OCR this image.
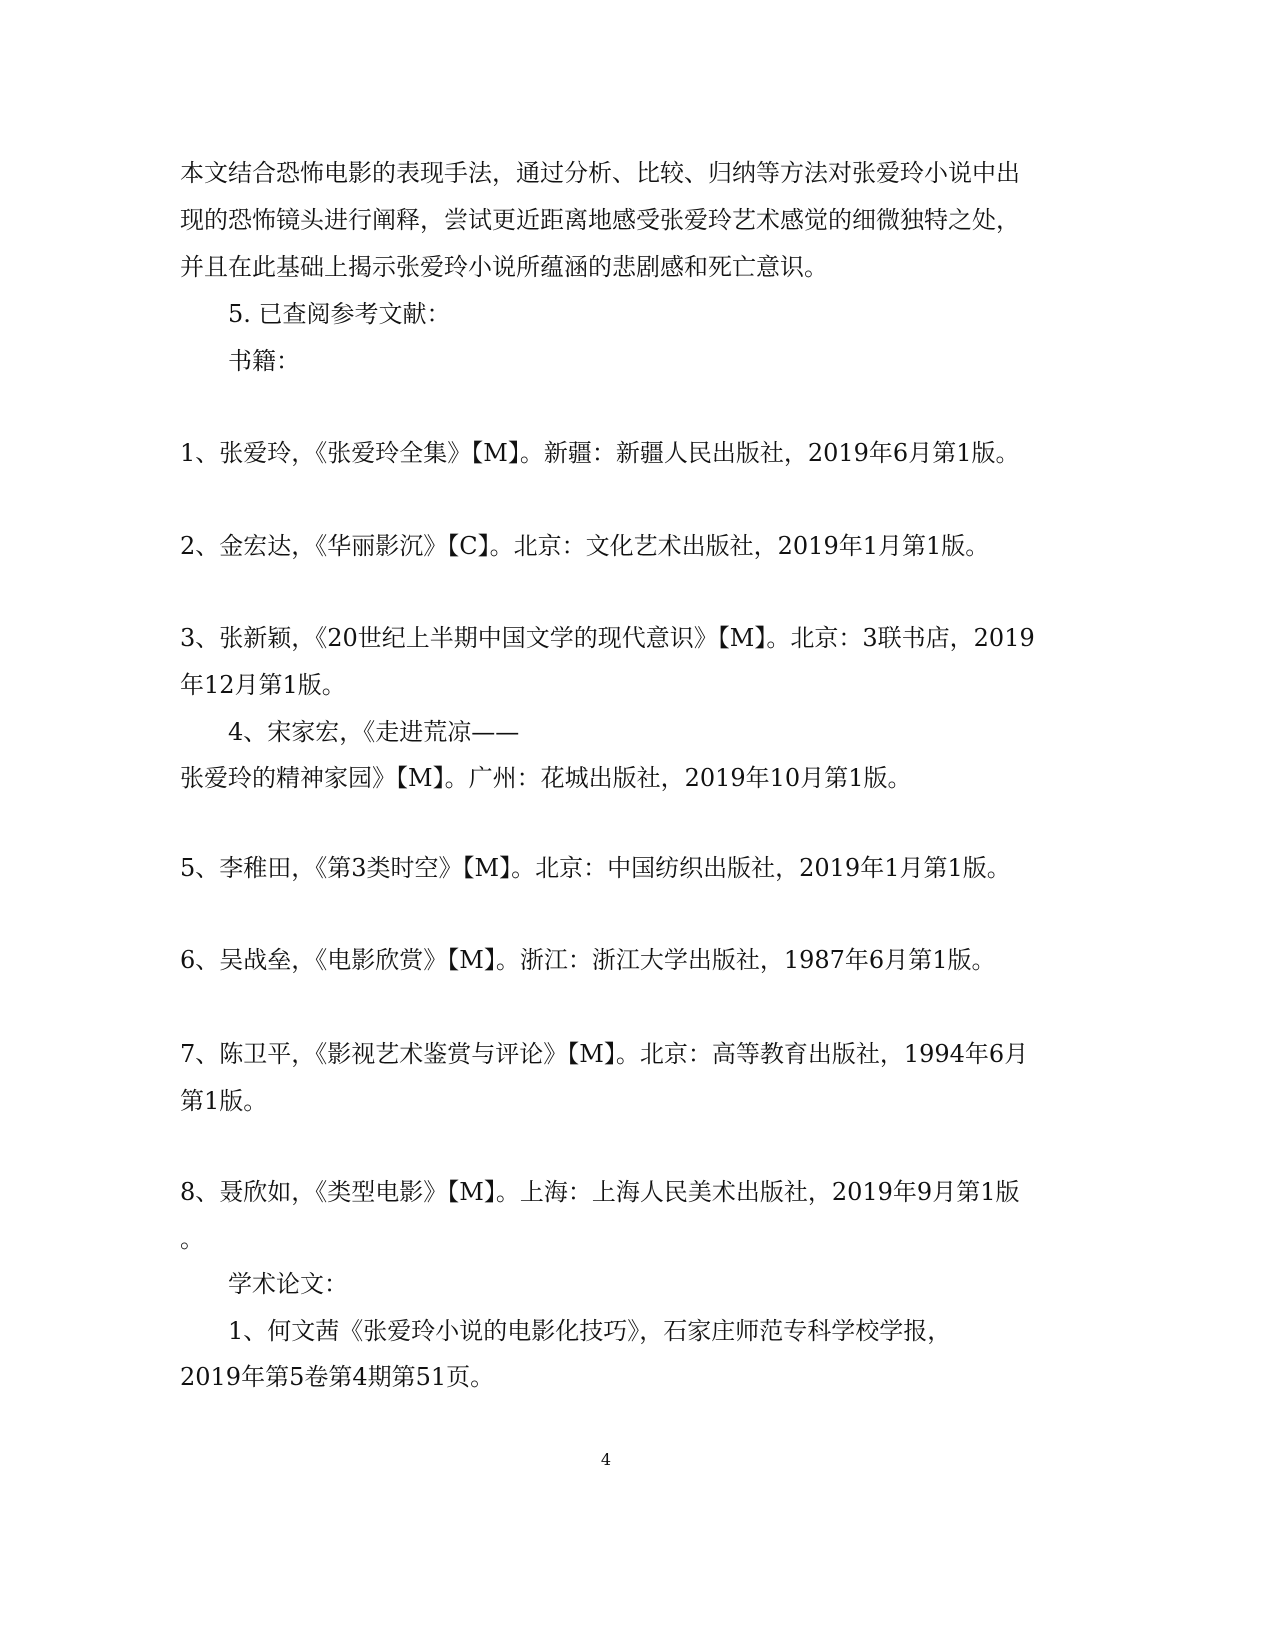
本文结合恐怖电影的表现手法，通过分析、比较、归纳等方法对张爱玲小说中出
现的恐怖镜头进行阐释，尝试更近距离地感受张爱玲艺术感觉的细微独特之处，
并且在此基础上揭示张爱玲小说所蕴涵的悲剧感和死亡意识。
5. 已查阅参考文献：
书籍：
1、张爱玲，《张爱玲全集》【M】。新疆：新疆人民出版社，2019年6月第1版。
2、金宏达，《华丽影沉》【C】。北京：文化艺术出版社，2019年1月第1版。
3、张新颖，《20世纪上半期中国文学的现代意识》【M】。北京：3联书店，2019
年12月第1版。
4、宋家宏，《走进荒凉——
张爱玲的精神家园》【M】。广州：花城出版社，2019年10月第1版。
5、李稚田，《第3类时空》【M】。北京：中国纺织出版社，2019年1月第1版。
6、吴战垒，《电影欣赏》【M】。浙江：浙江大学出版社，1987年6月第1版。
7、陈卫平，《影视艺术鉴赏与评论》【M】。北京：高等教育出版社，1994年6月
第1版。
8、聂欣如，《类型电影》【M】。上海：上海人民美术出版社，2019年9月第1版
。
学术论文：
1、何文茜《张爱玲小说的电影化技巧》，石家庄师范专科学校学报，
2019年第5卷第4期第51页。
4
